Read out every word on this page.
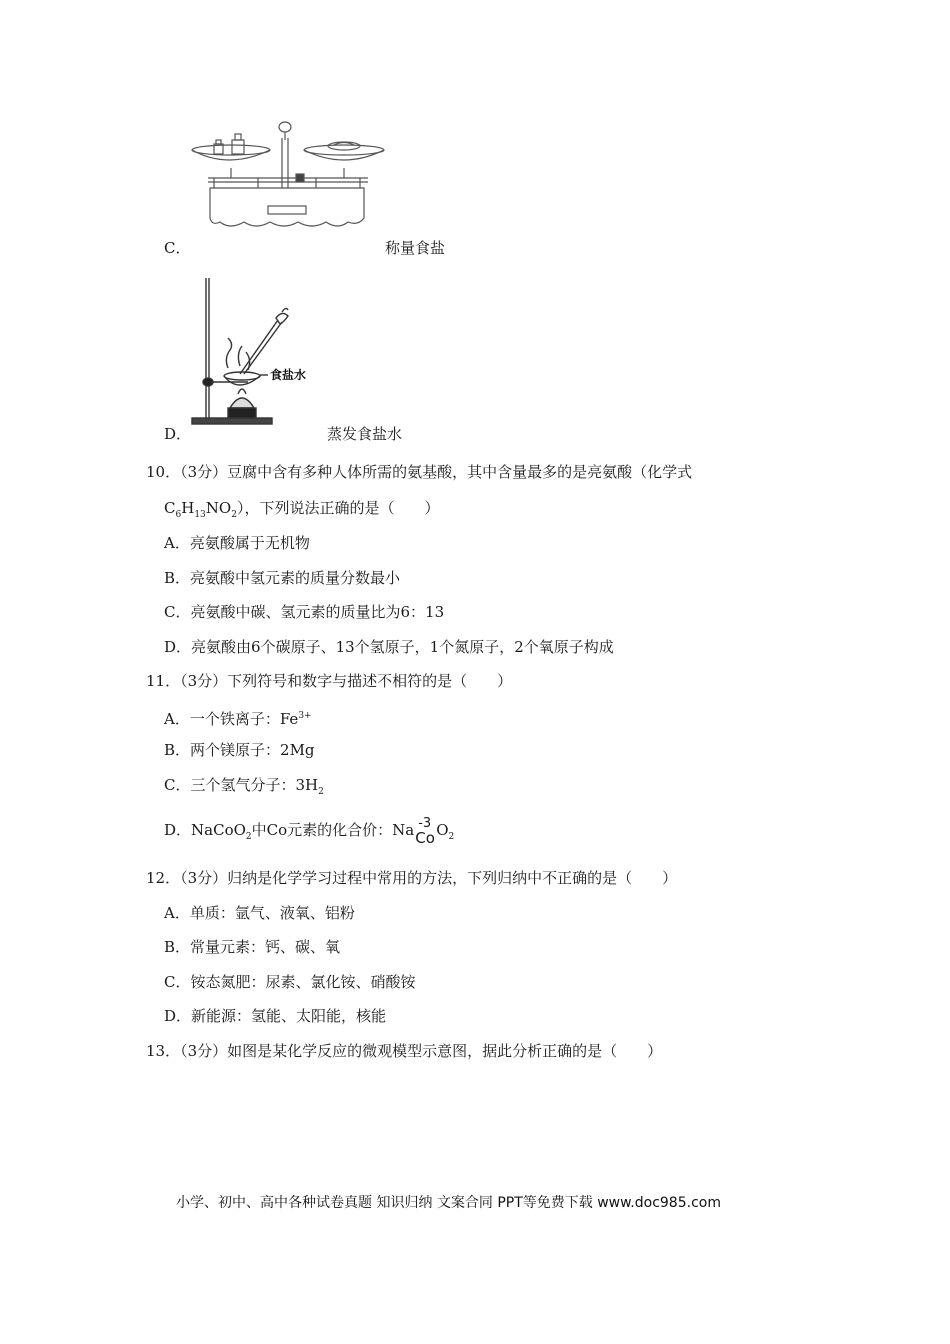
C．	称量食盐
食盐水
D．	蒸发食盐水
10．（3分）豆腐中含有多种人体所需的氨基酸，其中含量最多的是亮氨酸（化学式
$C_6H_{13}NO_2$），下列说法正确的是（　　）
A．亮氨酸属于无机物
B．亮氨酸中氢元素的质量分数最小
C．亮氨酸中碳、氢元素的质量比为6：13
D．亮氨酸由6个碳原子、13个氢原子，1个氮原子，2个氧原子构成
11．（3分）下列符号和数字与描述不相符的是（　　）
A．一个铁离子：$Fe^{3+}$
B．两个镁原子：2Mg
C．三个氢气分子：$3H_2$
D．NaCoO$_2$中Co元素的化合价：Na -3
Co $O_2$
12．（3分）归纳是化学学习过程中常用的方法，下列归纳中不正确的是（　　）
A．单质：氩气、液氧、铝粉
B．常量元素：钙、碳、氧
C．铵态氮肥：尿素、氯化铵、硝酸铵
D．新能源：氢能、太阳能，核能
13．（3分）如图是某化学反应的微观模型示意图，据此分析正确的是（　　）
小学、初中、高中各种试卷真题 知识归纳 文案合同 PPT等免费下载 www.doc985.com
